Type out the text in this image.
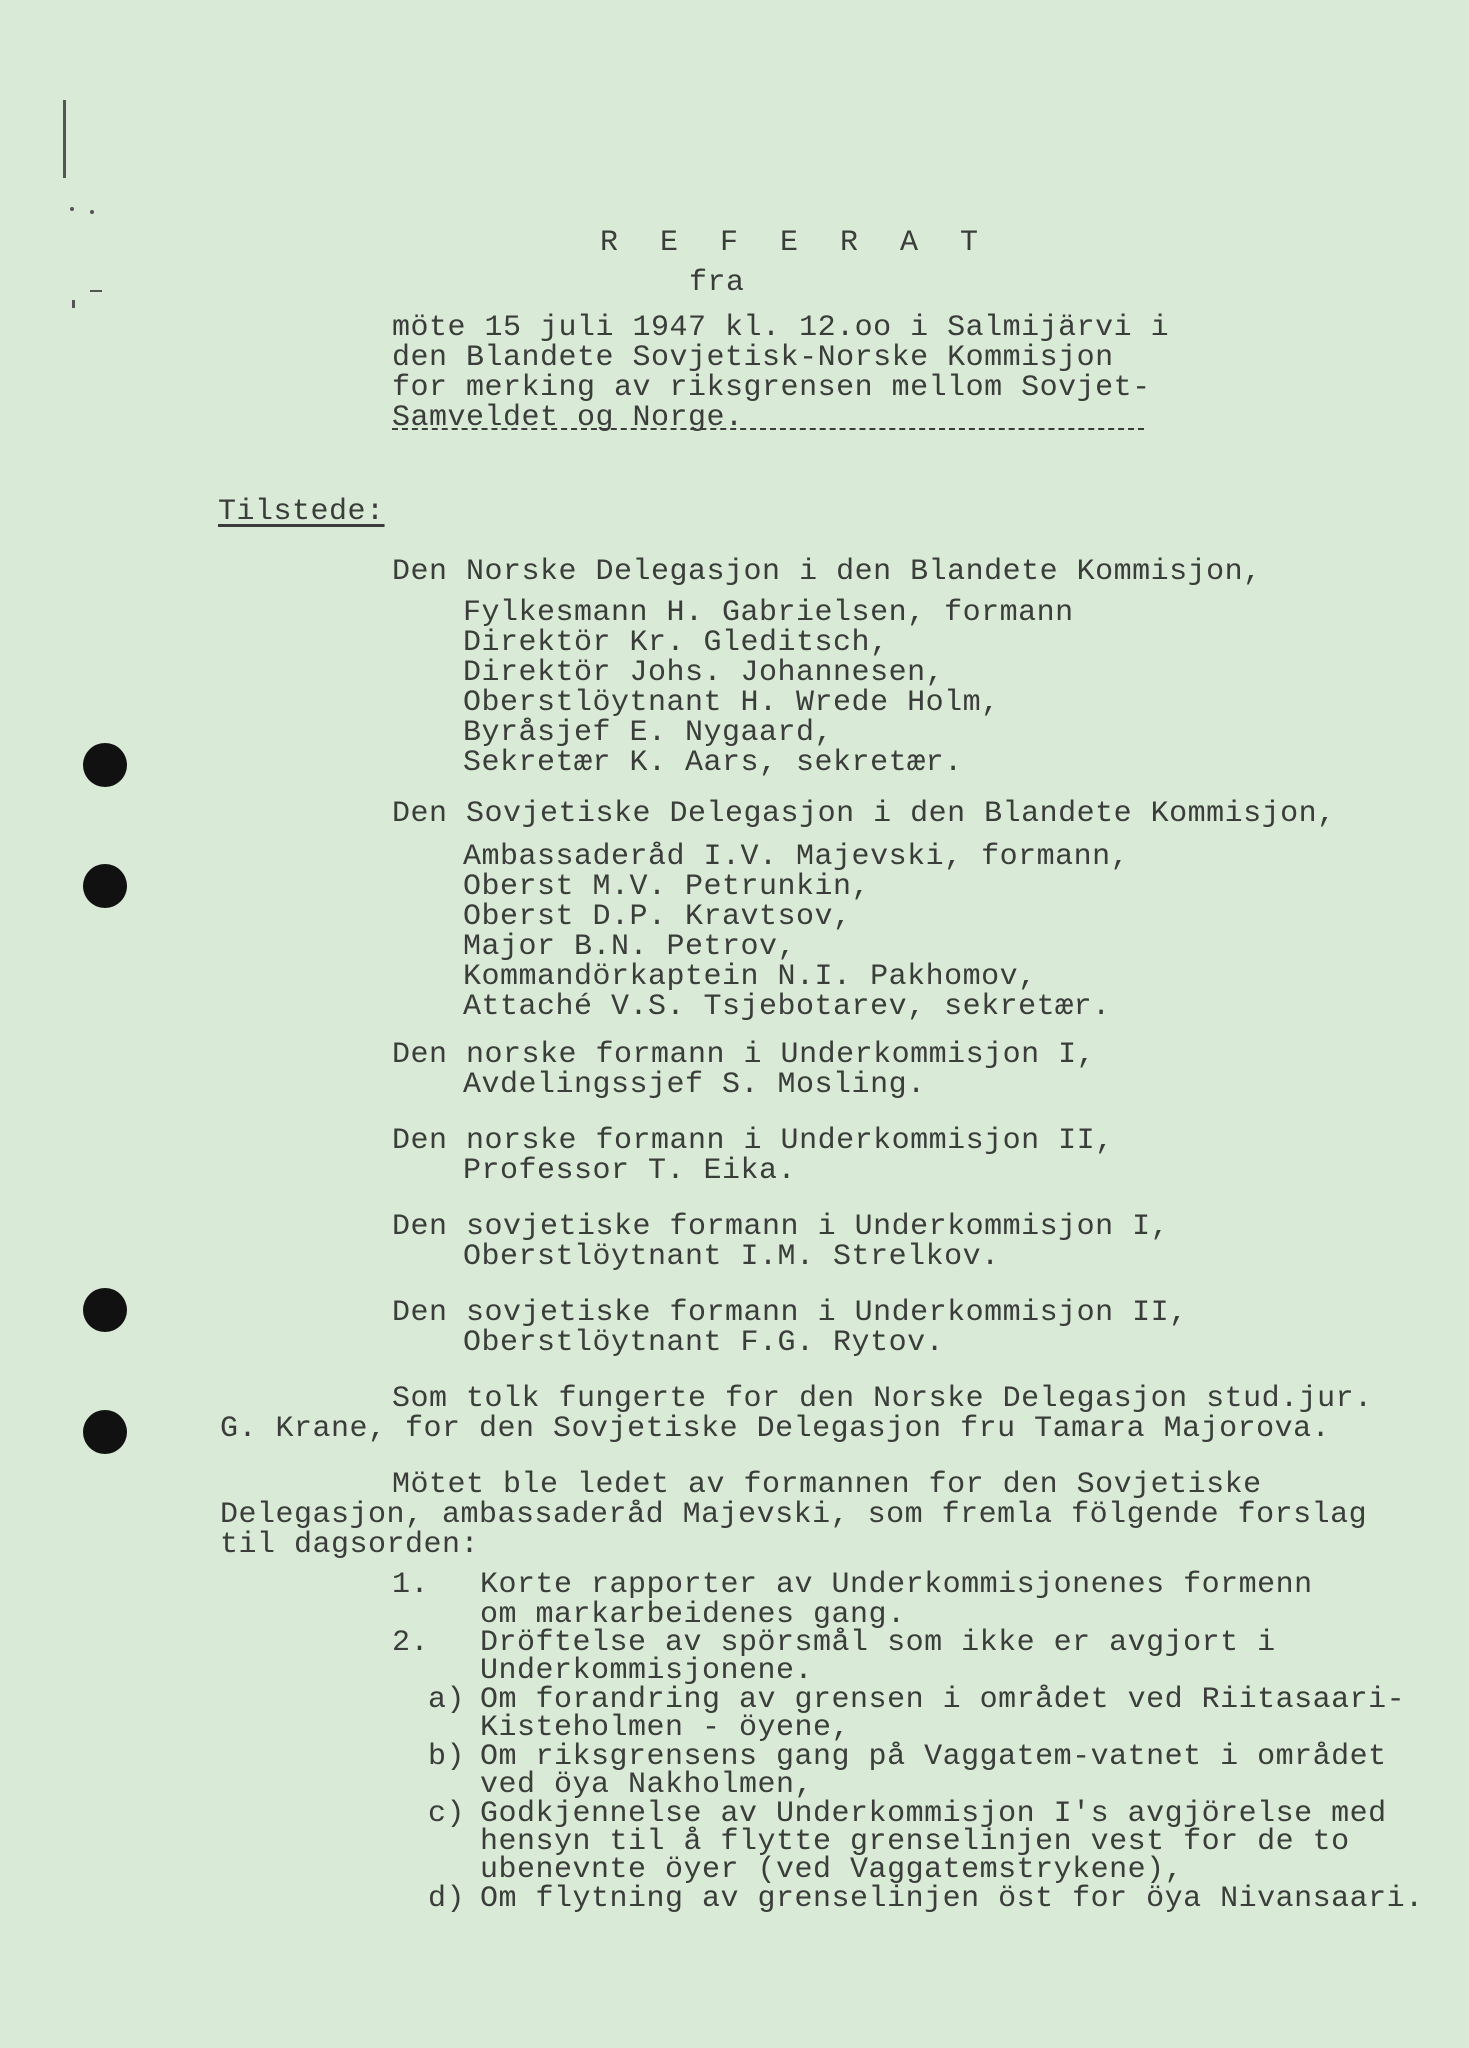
R E F E R A T
fra
möte 15 juli 1947 kl. 12.oo i Salmijärvi i
den Blandete Sovjetisk-Norske Kommisjon
for merking av riksgrensen mellom Sovjet-
Samveldet og Norge.
Tilstede:
Den Norske Delegasjon i den Blandete Kommisjon,
Fylkesmann H. Gabrielsen, formann
Direktör Kr. Gleditsch,
Direktör Johs. Johannesen,
Oberstlöytnant H. Wrede Holm,
Byråsjef E. Nygaard,
Sekretær K. Aars, sekretær.
Den Sovjetiske Delegasjon i den Blandete Kommisjon,
Ambassaderåd I.V. Majevski, formann,
Oberst M.V. Petrunkin,
Oberst D.P. Kravtsov,
Major B.N. Petrov,
Kommandörkaptein N.I. Pakhomov,
Attaché V.S. Tsjebotarev, sekretær.
Den norske formann i Underkommisjon I,
Avdelingssjef S. Mosling.
Den norske formann i Underkommisjon II,
Professor T. Eika.
Den sovjetiske formann i Underkommisjon I,
Oberstlöytnant I.M. Strelkov.
Den sovjetiske formann i Underkommisjon II,
Oberstlöytnant F.G. Rytov.
Som tolk fungerte for den Norske Delegasjon stud.jur.
G. Krane, for den Sovjetiske Delegasjon fru Tamara Majorova.
Mötet ble ledet av formannen for den Sovjetiske
Delegasjon, ambassaderåd Majevski, som fremla fölgende forslag
til dagsorden:
1. Korte rapporter av Underkommisjonenes formenn
om markarbeidenes gang.
2. Dröftelse av spörsmål som ikke er avgjort i
Underkommisjonene.
a) Om forandring av grensen i området ved Riitasaari-
Kisteholmen - öyene,
b) Om riksgrensens gang på Vaggatem-vatnet i området
ved öya Nakholmen,
c) Godkjennelse av Underkommisjon I's avgjörelse med
hensyn til å flytte grenselinjen vest for de to
ubenevnte öyer (ved Vaggatemstrykene),
d) Om flytning av grenselinjen öst for öya Nivansaari.
